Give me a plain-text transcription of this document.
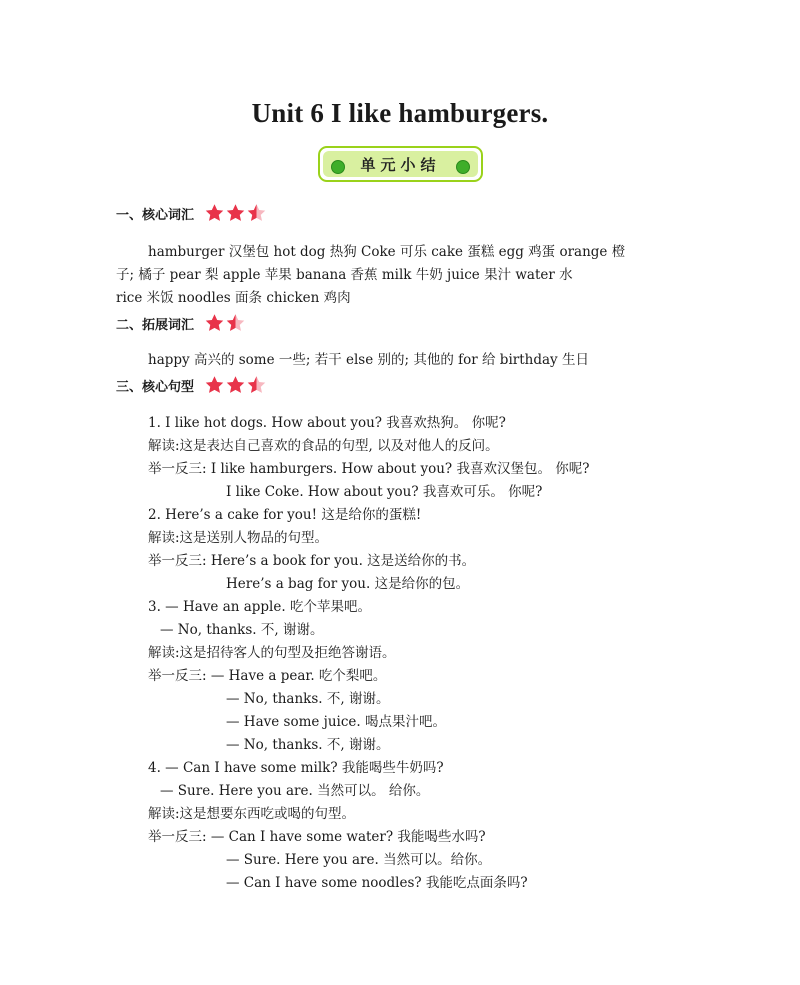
Unit 6 I like hamburgers.
单元小结
一、核心词汇
hamburger 汉堡包 hot dog 热狗 Coke 可乐 cake 蛋糕 egg 鸡蛋 orange 橙
子; 橘子 pear 梨 apple 苹果 banana 香蕉 milk 牛奶 juice 果汁 water 水
rice 米饭 noodles 面条 chicken 鸡肉
二、拓展词汇
happy 高兴的 some 一些; 若干 else 别的; 其他的 for 给 birthday 生日
三、核心句型
1. I like hot dogs. How about you? 我喜欢热狗。 你呢?
解读:这是表达自己喜欢的食品的句型, 以及对他人的反问。
举一反三: I like hamburgers. How about you? 我喜欢汉堡包。 你呢?
I like Coke. How about you? 我喜欢可乐。 你呢?
2. Here’s a cake for you! 这是给你的蛋糕!
解读:这是送别人物品的句型。
举一反三: Here’s a book for you. 这是送给你的书。
Here’s a bag for you. 这是给你的包。
3. — Have an apple. 吃个苹果吧。
— No, thanks. 不, 谢谢。
解读:这是招待客人的句型及拒绝答谢语。
举一反三: — Have a pear. 吃个梨吧。
— No, thanks. 不, 谢谢。
— Have some juice. 喝点果汁吧。
— No, thanks. 不, 谢谢。
4. — Can I have some milk? 我能喝些牛奶吗?
— Sure. Here you are. 当然可以。 给你。
解读:这是想要东西吃或喝的句型。
举一反三: — Can I have some water? 我能喝些水吗?
— Sure. Here you are. 当然可以。给你。
— Can I have some noodles? 我能吃点面条吗?
